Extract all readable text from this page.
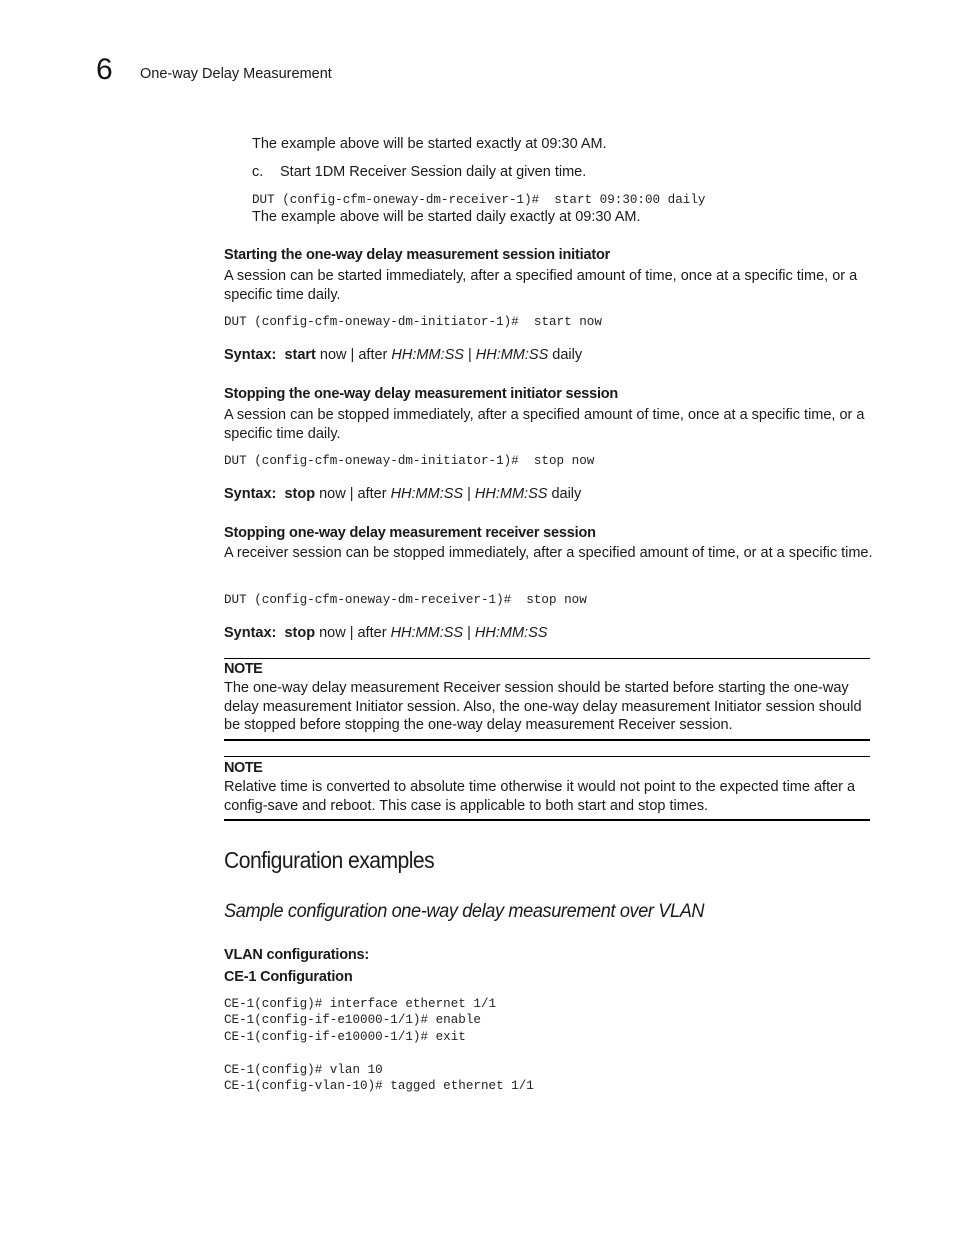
6 One-way Delay Measurement
The example above will be started exactly at 09:30 AM.
c. Start 1DM Receiver Session daily at given time.
DUT (config-cfm-oneway-dm-receiver-1)#  start 09:30:00 daily
The example above will be started daily exactly at 09:30 AM.
Starting the one-way delay measurement session initiator
A session can be started immediately, after a specified amount of time, once at a specific time, or a specific time daily.
DUT (config-cfm-oneway-dm-initiator-1)#  start now
Syntax: start now | after HH:MM:SS | HH:MM:SS daily
Stopping the one-way delay measurement initiator session
A session can be stopped immediately, after a specified amount of time, once at a specific time, or a specific time daily.
DUT (config-cfm-oneway-dm-initiator-1)#  stop now
Syntax: stop now | after HH:MM:SS | HH:MM:SS daily
Stopping one-way delay measurement receiver session
A receiver session can be stopped immediately, after a specified amount of time, or at a specific time.
DUT (config-cfm-oneway-dm-receiver-1)#  stop now
Syntax: stop now | after HH:MM:SS | HH:MM:SS
NOTE
The one-way delay measurement Receiver session should be started before starting the one-way delay measurement Initiator session. Also, the one-way delay measurement Initiator session should be stopped before stopping the one-way delay measurement Receiver session.
NOTE
Relative time is converted to absolute time otherwise it would not point to the expected time after a config-save and reboot. This case is applicable to both start and stop times.
Configuration examples
Sample configuration one-way delay measurement over VLAN
VLAN configurations:
CE-1 Configuration
CE-1(config)# interface ethernet 1/1
CE-1(config-if-e10000-1/1)# enable
CE-1(config-if-e10000-1/1)# exit
CE-1(config)# vlan 10
CE-1(config-vlan-10)# tagged ethernet 1/1
